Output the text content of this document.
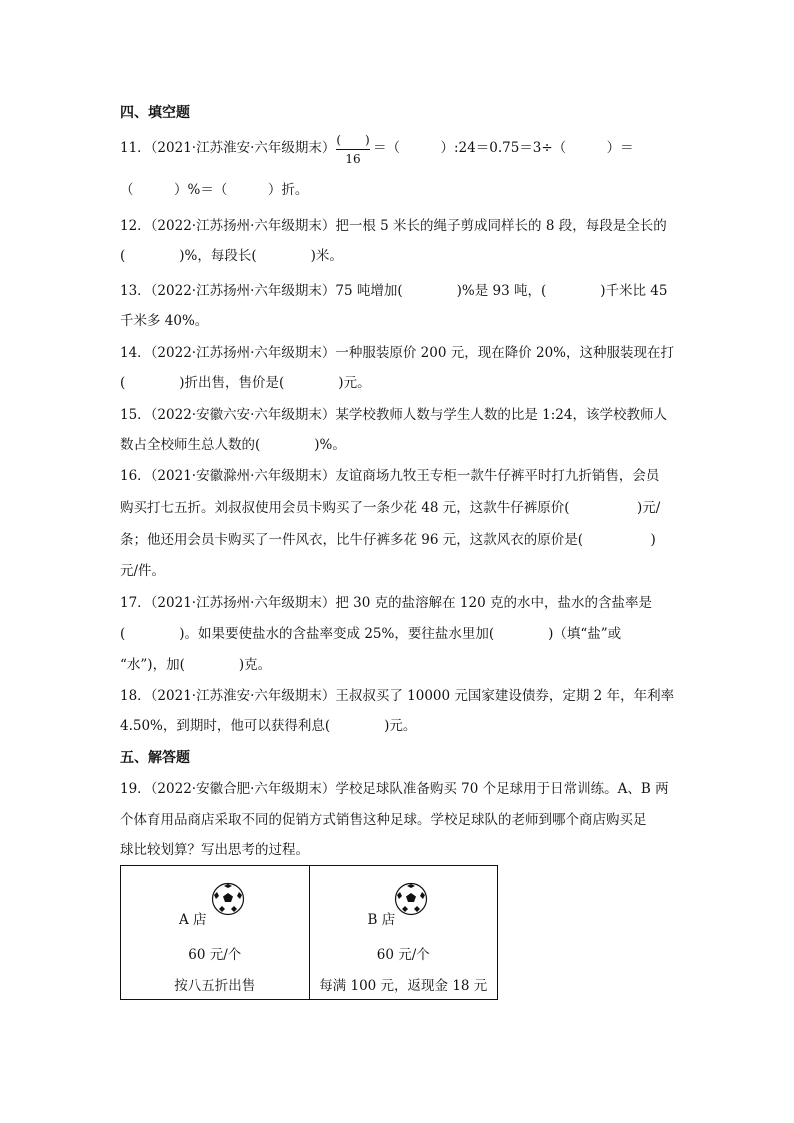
四、填空题
11．（2021·江苏淮安·六年级期末） (　　)
16
＝（　　　）:24＝0.75＝3÷（　　　）＝
（　　　）%＝（　　　）折。
12．（2022·江苏扬州·六年级期末）把一根 5 米长的绳子剪成同样长的 8 段，每段是全长的
(　　　　)%，每段长(　　　　)米。
13．（2022·江苏扬州·六年级期末）75 吨增加(　　　　)%是 93 吨，(　　　　)千米比 45
千米多 40%。
14．（2022·江苏扬州·六年级期末）一种服装原价 200 元，现在降价 20%，这种服装现在打
(　　　　)折出售，售价是(　　　　)元。
15．（2022·安徽六安·六年级期末）某学校教师人数与学生人数的比是 1:24，该学校教师人
数占全校师生总人数的(　　　　)%。
16．（2021·安徽滁州·六年级期末）友谊商场九牧王专柜一款牛仔裤平时打九折销售，会员
购买打七五折。刘叔叔使用会员卡购买了一条少花 48 元，这款牛仔裤原价(　　　　　)元/
条；他还用会员卡购买了一件风衣，比牛仔裤多花 96 元，这款风衣的原价是(　　　　　)
元/件。
17．（2021·江苏扬州·六年级期末）把 30 克的盐溶解在 120 克的水中，盐水的含盐率是
(　　　　)。如果要使盐水的含盐率变成 25%，要往盐水里加(　　　　)（填“盐”或
“水”)，加(　　　　)克。
18．（2021·江苏淮安·六年级期末）王叔叔买了 10000 元国家建设债券，定期 2 年，年利率
4.50%，到期时，他可以获得利息(　　　　)元。
五、解答题
19．（2022·安徽合肥·六年级期末）学校足球队准备购买 70 个足球用于日常训练。A、B 两
个体育用品商店采取不同的促销方式销售这种足球。学校足球队的老师到哪个商店购买足
球比较划算？写出思考的过程。
A 店
60 元/个
按八五折出售
B 店
60 元/个
每满 100 元，返现金 18 元
